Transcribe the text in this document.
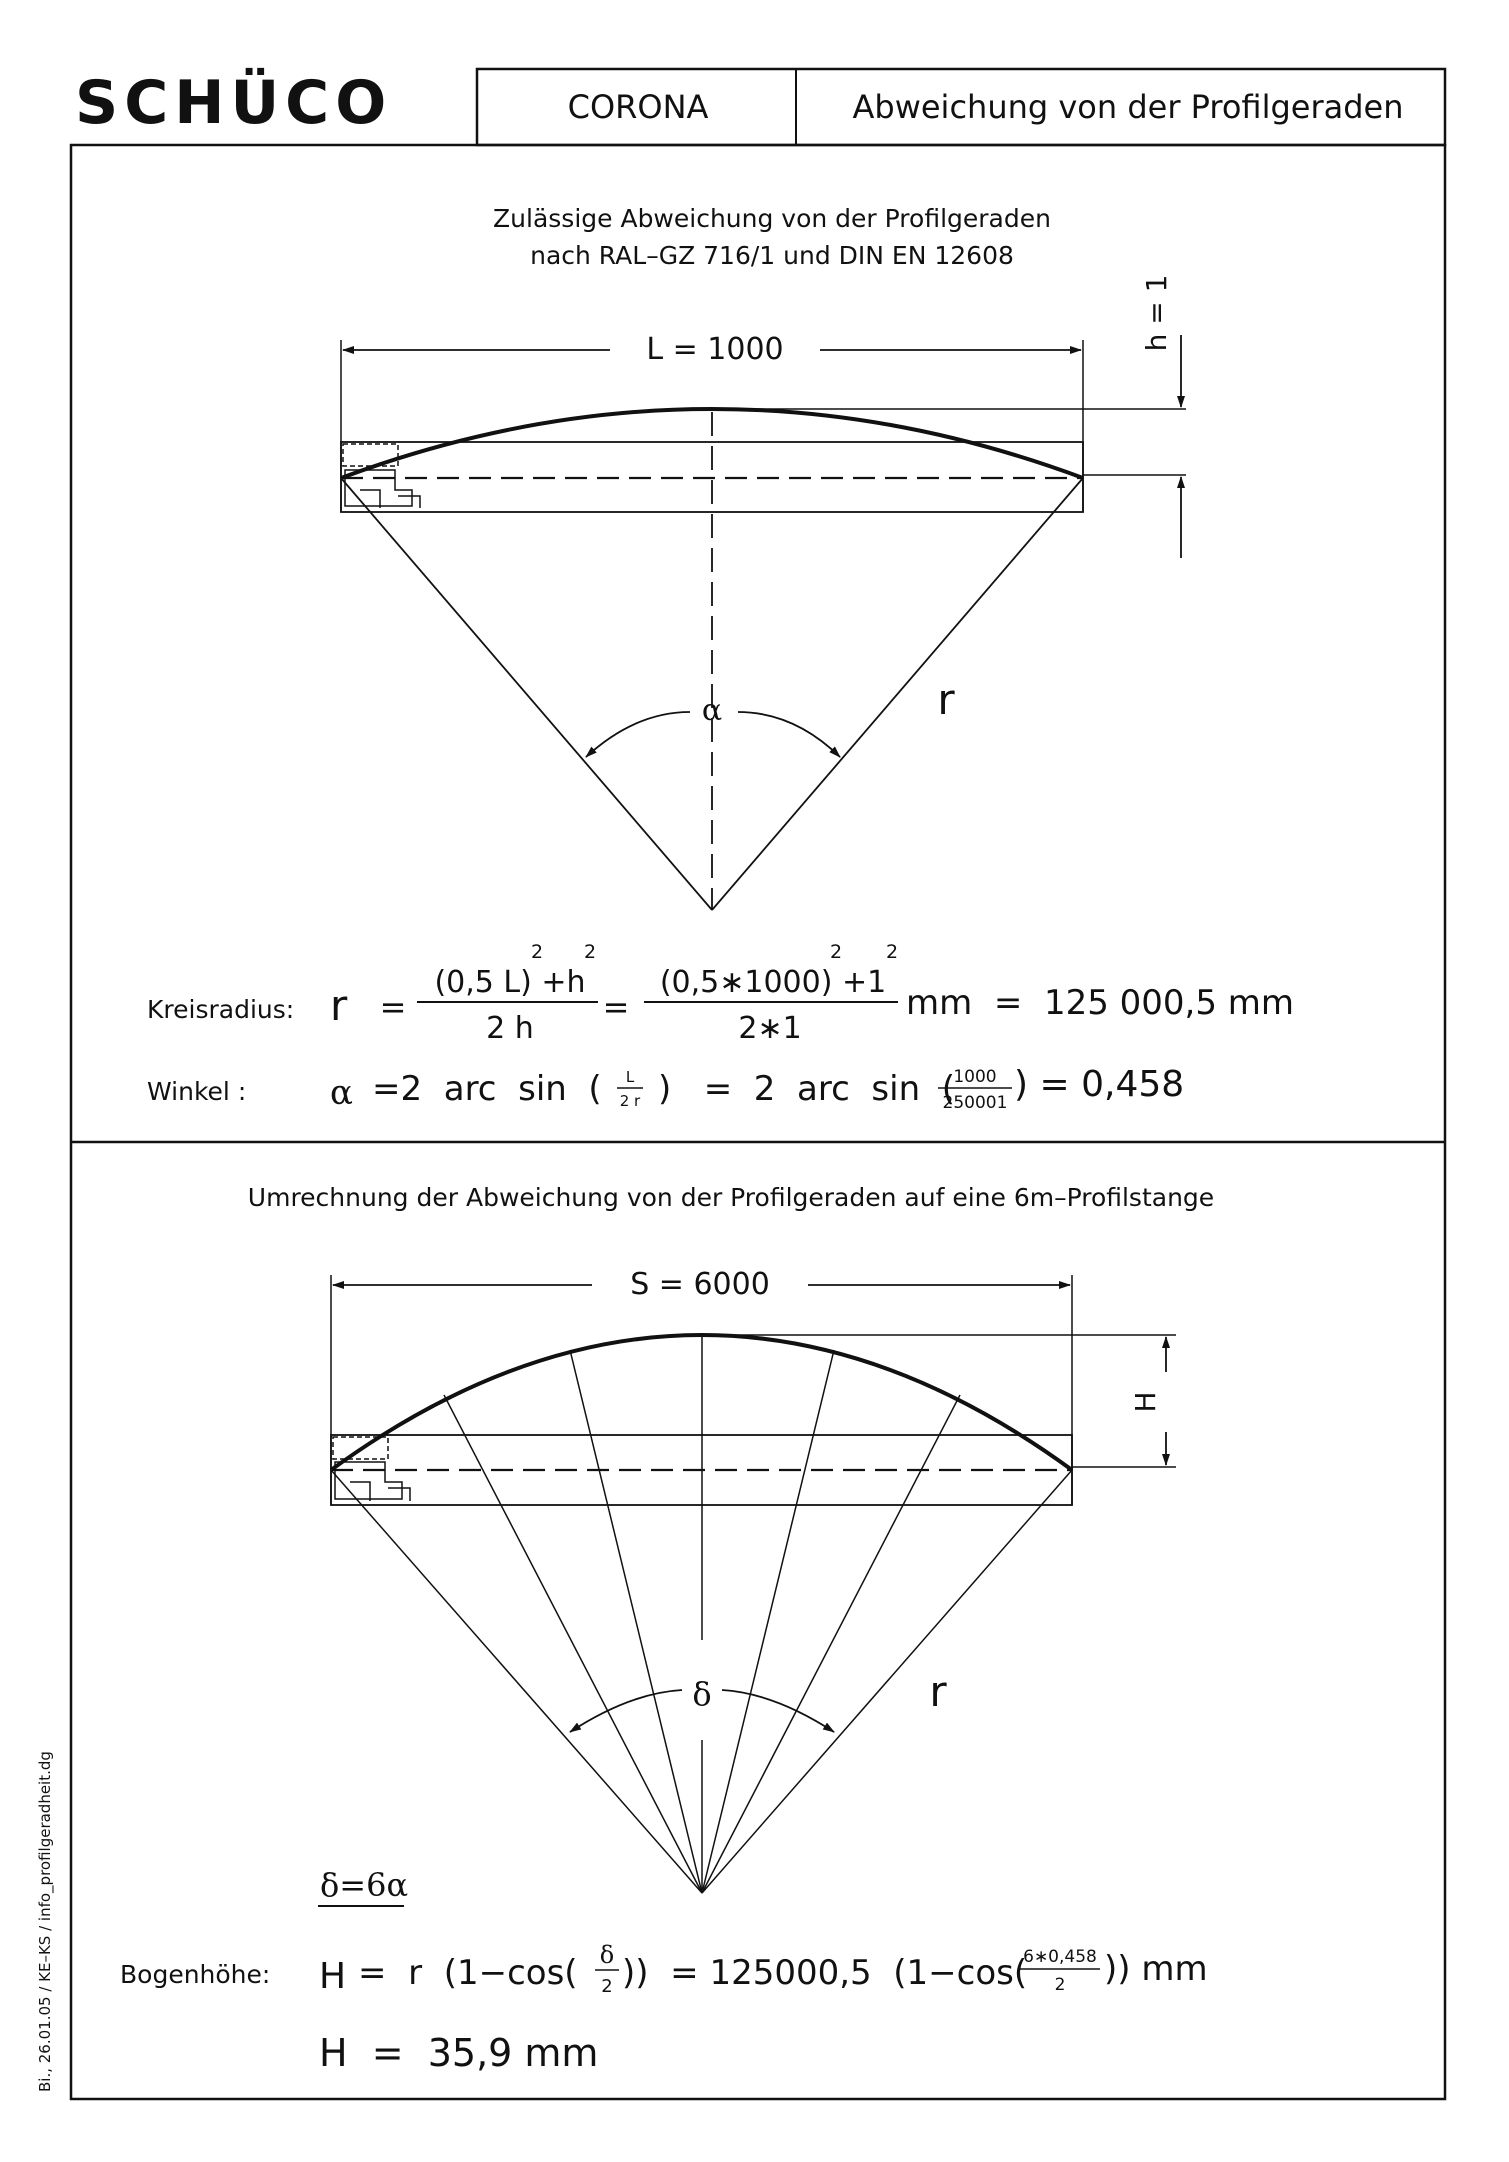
SCHÜCO	CORONA	Abweichung von der Profilgeraden
Zulässige Abweichung von der Profilgeraden
nach RAL–GZ 716/1 und DIN EN 12608
L = 1000	h = 1
α	r
Kreisradius: r =
(0,5 L) +h
2 2
2 h
=
(0,5∗1000) +1
2 2
2∗1
mm  =  125 000,5 mm
Winkel : α =2  arc  sin  ( L
2 r )   =  2  arc  sin  (
1000
250001 ) = 0,458
Umrechnung der Abweichung von der Profilgeraden auf eine 6m–Profilstange
S = 6000
H
δ	r
δ=6α
Bogenhöhe: H =  r  (1−cos( δ
2 ))  = 125000,5  (1−cos(
6∗0,458
2 )) mm
H  =  35,9 mm
Bi., 26.01.05 / KE–KS / info_profilgeradheit.dg
